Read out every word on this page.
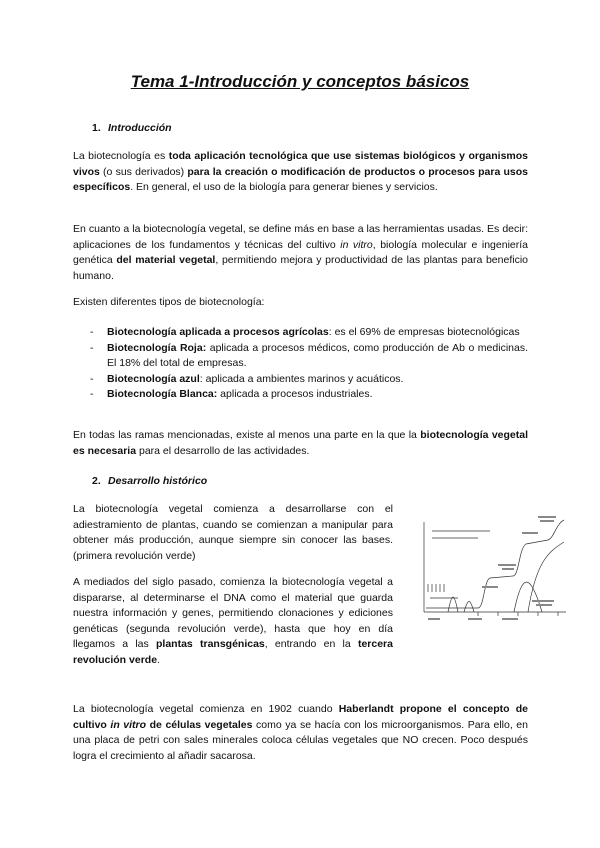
Tema 1-Introducción y conceptos básicos
1. Introducción

La biotecnología es toda aplicación tecnológica que use sistemas biológicos y organismos vivos (o sus derivados) para la creación o modificación de productos o procesos para usos específicos. En general, el uso de la biología para generar bienes y servicios.

En cuanto a la biotecnología vegetal, se define más en base a las herramientas usadas. Es decir: aplicaciones de los fundamentos y técnicas del cultivo in vitro, biología molecular e ingeniería genética del material vegetal, permitiendo mejora y productividad de las plantas para beneficio humano.

Existen diferentes tipos de biotecnología:

- Biotecnología aplicada a procesos agrícolas: es el 69% de empresas biotecnológicas
- Biotecnología Roja: aplicada a procesos médicos, como producción de Ab o medicinas. El 18% del total de empresas.
- Biotecnología azul: aplicada a ambientes marinos y acuáticos.
- Biotecnología Blanca: aplicada a procesos industriales.

En todas las ramas mencionadas, existe al menos una parte en la que la biotecnología vegetal es necesaria para el desarrollo de las actividades.

2. Desarrollo histórico

La biotecnología vegetal comienza a desarrollarse con el adiestramiento de plantas, cuando se comienzan a manipular para obtener más producción, aunque siempre sin conocer las bases. (primera revolución verde)

A mediados del siglo pasado, comienza la biotecnología vegetal a dispararse, al determinarse el DNA como el material que guarda nuestra información y genes, permitiendo clonaciones y ediciones genéticas (segunda revolución verde), hasta que hoy en día llegamos a las plantas transgénicas, entrando en la tercera revolución verde.

La biotecnología vegetal comienza en 1902 cuando Haberlandt propone el concepto de cultivo in vitro de células vegetales como ya se hacía con los microorganismos. Para ello, en una placa de petri con sales minerales coloca células vegetales que NO crecen. Poco después logra el crecimiento al añadir sacarosa.
